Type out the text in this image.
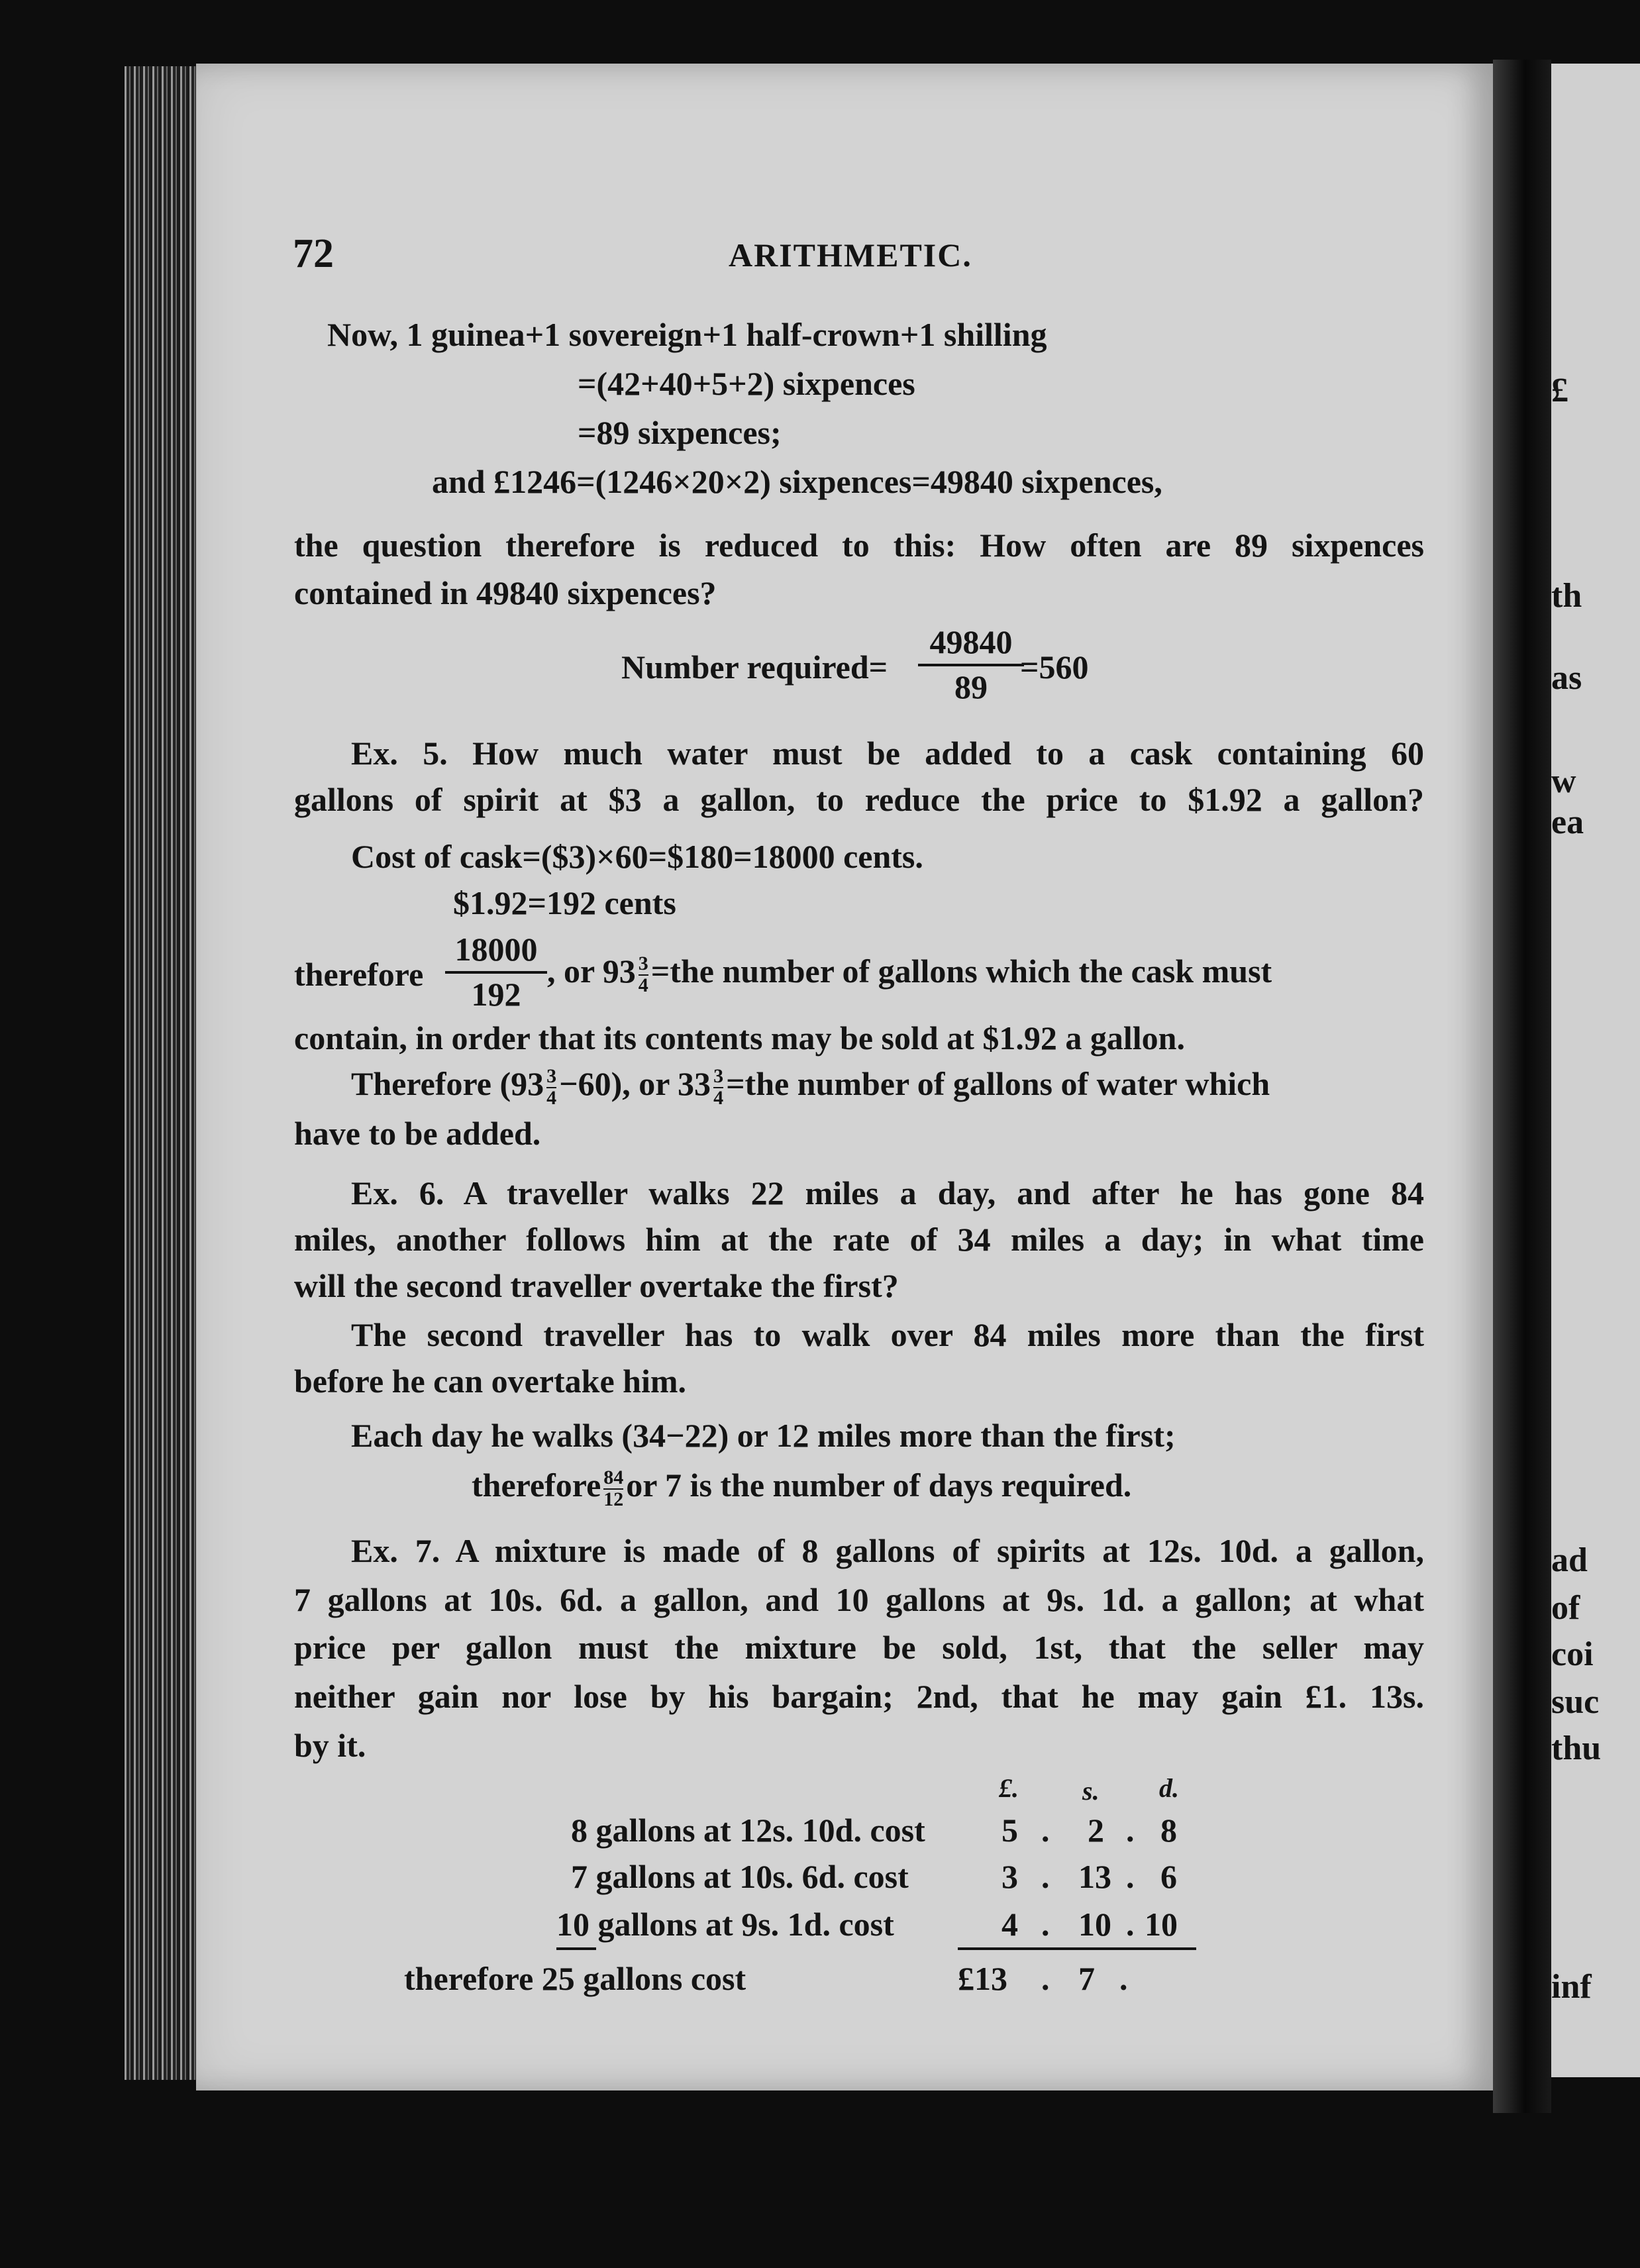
£
th
as
w
ea
ad
of
coi
suc
thu
inf
72	ARITHMETIC.
Now, 1 guinea+1 sovereign+1 half-crown+1 shilling
=(42+40+5+2) sixpences
=89 sixpences;
and £1246=(1246×20×2) sixpences=49840 sixpences,
the question therefore is reduced to this: How often are 89 sixpences
contained in 49840 sixpences?
Number required= $\frac{49840}{89}$
=560
Ex. 5. How much water must be added to a cask containing 60
gallons of spirit at $3 a gallon, to reduce the price to $1.92 a gallon?
Cost of cask=($3)×60=$180=18000 cents.
$1.92=192 cents
therefore $\frac{18000}{192}$ , or $93 \frac{3}{4} =the$ number of gallons which the cask must
contain, in order that its contents may be sold at $1.92 a gallon.
Therefore $(93 \frac{3}{4} -60)$, or $33 \frac{3}{4} =the$ number of gallons of water which
have to be added.
Ex. 6. A traveller walks 22 miles a day, and after he has gone 84
miles, another follows him at the rate of 34 miles a day; in what time
will the second traveller overtake the first?
The second traveller has to walk over 84 miles more than the first
before he can overtake him.
Each day he walks (34−22) or 12 miles more than the first;
therefore $\frac{84}{12}$ or 7 is the number of days required.
Ex. 7. A mixture is made of 8 gallons of spirits at 12s. 10d. a gallon,
7 gallons at 10s. 6d. a gallon, and 10 gallons at 9s. 1d. a gallon; at what
price per gallon must the mixture be sold, 1st, that the seller may
neither gain nor lose by his bargain; 2nd, that he may gain £1. 13s.
by it.
£. s. d.
8 gallons at 12s. 10d. cost 5 . 2 . 8
7 gallons at 10s. 6d. cost	3 . 13 . 6
10 gallons at 9s. 1d. cost	4 . 10 . 10
therefore 25 gallons cost	£13 . 7 .
